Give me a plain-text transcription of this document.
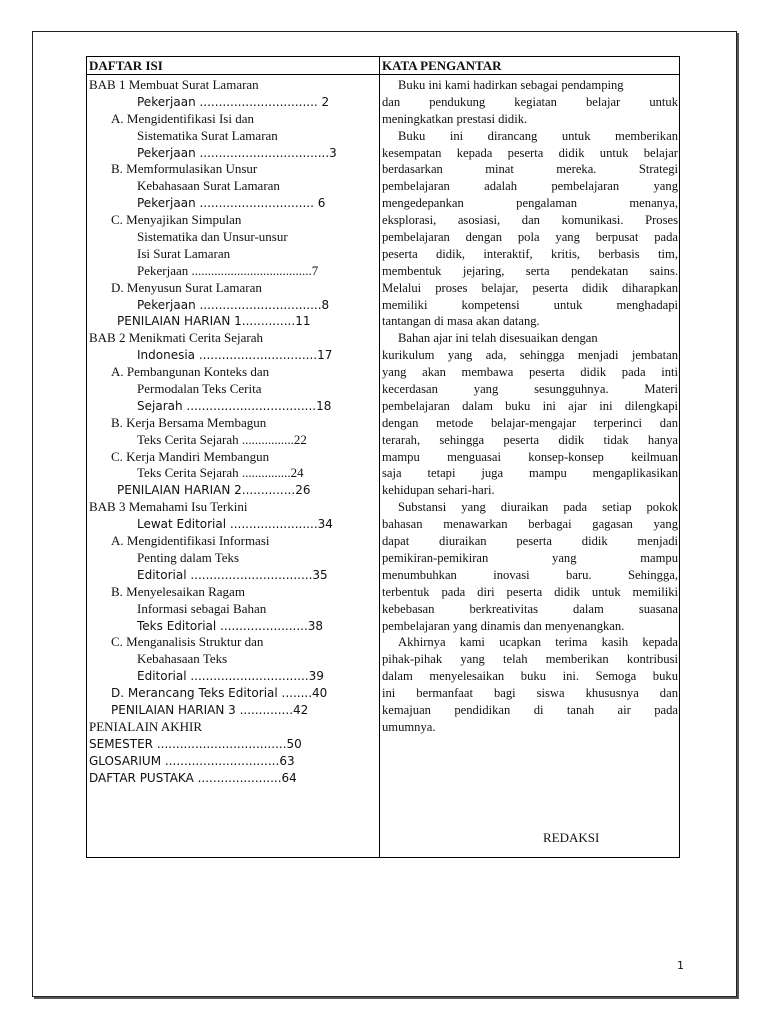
DAFTAR ISI	KATA PENGANTAR
BAB 1 Membuat Surat Lamaran
Pekerjaan ............................... 2
A. Mengidentifikasi Isi dan
Sistematika Surat Lamaran
Pekerjaan ..................................3
B. Memformulasikan Unsur
Kebahasaan Surat Lamaran
Pekerjaan .............................. 6
C. Menyajikan Simpulan
Sistematika dan Unsur-unsur
Isi Surat Lamaran
Pekerjaan .....................................7
D. Menyusun Surat Lamaran
Pekerjaan ................................8
PENILAIAN HARIAN 1..............11
BAB 2 Menikmati Cerita Sejarah
Indonesia ...............................17
A. Pembangunan Konteks dan
Permodalan Teks Cerita
Sejarah ..................................18
B. Kerja Bersama Membagun
Teks Cerita Sejarah ................22
C. Kerja Mandiri Membangun
Teks Cerita Sejarah ...............24
PENILAIAN HARIAN 2..............26
BAB 3 Memahami Isu Terkini
Lewat Editorial .......................34
A. Mengidentifikasi Informasi
Penting dalam Teks
Editorial ................................35
B. Menyelesaikan Ragam
Informasi sebagai Bahan
Teks Editorial .......................38
C. Menganalisis Struktur dan
Kebahasaan Teks
Editorial ...............................39
D. Merancang Teks Editorial ........40
PENILAIAN HARIAN 3 ..............42
PENIALAIN AKHIR
SEMESTER ..................................50
GLOSARIUM ..............................63
DAFTAR PUSTAKA ......................64
Buku ini kami hadirkan sebagai pendamping
dan pendukung kegiatan belajar untuk
meningkatkan prestasi didik.
Buku ini dirancang untuk memberikan
kesempatan kepada peserta didik untuk belajar
berdasarkan minat mereka. Strategi
pembelajaran adalah pembelajaran yang
mengedepankan pengalaman menanya,
eksplorasi, asosiasi, dan komunikasi. Proses
pembelajaran dengan pola yang berpusat pada
peserta didik, interaktif, kritis, berbasis tim,
membentuk jejaring, serta pendekatan sains.
Melalui proses belajar, peserta didik diharapkan
memiliki kompetensi untuk menghadapi
tantangan di masa akan datang.
Bahan ajar ini telah disesuaikan dengan
kurikulum yang ada, sehingga menjadi jembatan
yang akan membawa peserta didik pada inti
kecerdasan yang sesungguhnya. Materi
pembelajaran dalam buku ini ajar ini dilengkapi
dengan metode belajar-mengajar terperinci dan
terarah, sehingga peserta didik tidak hanya
mampu menguasai konsep-konsep keilmuan
saja tetapi juga mampu mengaplikasikan
kehidupan sehari-hari.
Substansi yang diuraikan pada setiap pokok
bahasan menawarkan berbagai gagasan yang
dapat diuraikan peserta didik menjadi
pemikiran-pemikiran yang mampu
menumbuhkan inovasi baru. Sehingga,
terbentuk pada diri peserta didik untuk memiliki
kebebasan berkreativitas dalam suasana
pembelajaran yang dinamis dan menyenangkan.
Akhirnya kami ucapkan terima kasih kepada
pihak-pihak yang telah memberikan kontribusi
dalam menyelesaikan buku ini. Semoga buku
ini bermanfaat bagi siswa khususnya dan
kemajuan pendidikan di tanah air pada
umumnya.
REDAKSI
1
